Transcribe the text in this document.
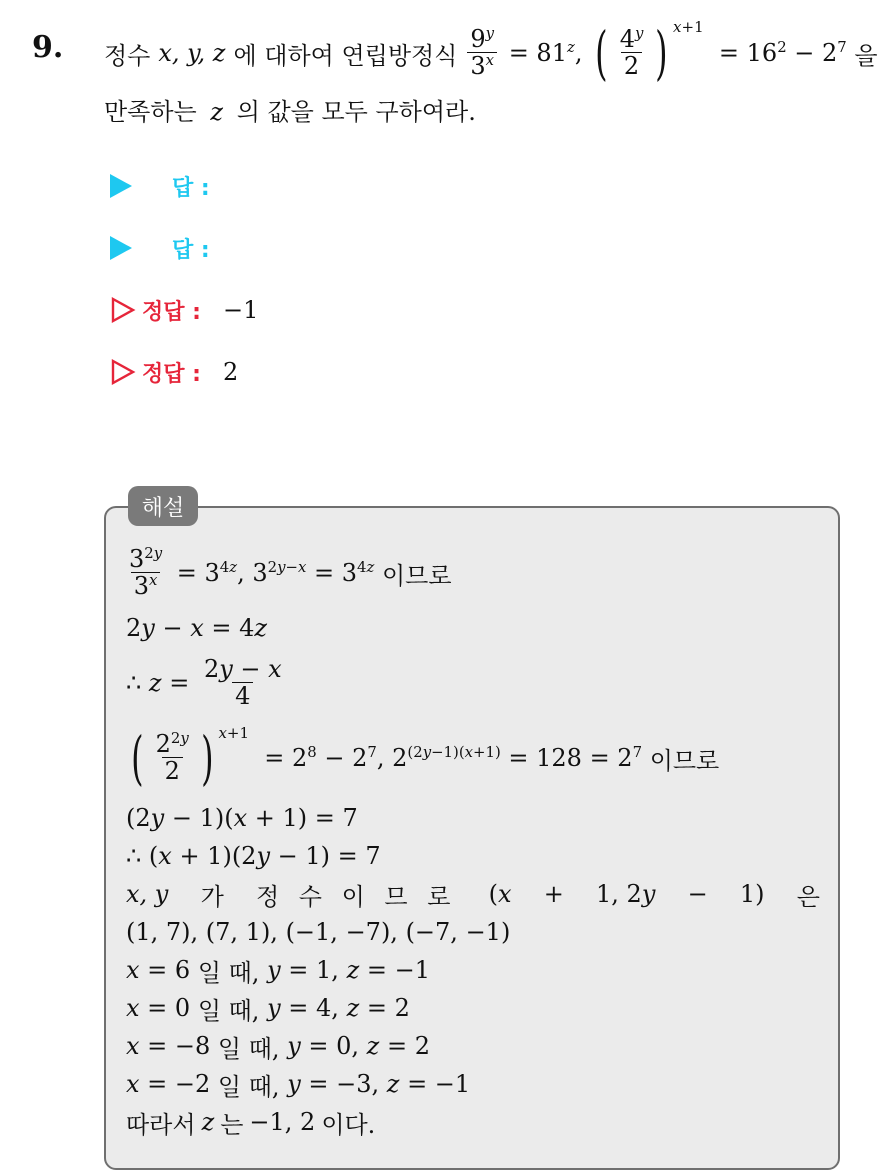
9. 정수 x, y, z 에 대하여 연립방정식 $\frac{9^y}{3^x} = 81^z$, ( $\frac{4^y}{2}$ ) x+1
= $16^2 - 2^7$ 을
만족하는 z 의 값을 모두 구하여라.
답 :
답 :
정답 : −1
정답 : 2
해설
$\frac{3^{2y}}{3^x} = 3^{4z}$, $3^{2y-x} = 3^{4z}$ 이므로
2y − x = 4z
∴ $z = \frac{2y - x}{4}$
( $\frac{2^{2y}}{2}$ ) x+1
= $2^8 - 2^7$, $2^{(2y-1)(x+1)} = 128 = 2^7$ 이므로
(2y − 1)(x + 1) = 7
∴ (x + 1)(2y − 1) = 7
x, y 가 정 수 이 므 로 (x + 1, 2y − 1) 은
(1, 7), (7, 1), (−1, −7), (−7, −1)
x = 6 일 때, y = 1, z = −1
x = 0 일 때, y = 4, z = 2
x = −8 일 때, y = 0, z = 2
x = −2 일 때, y = −3, z = −1
따라서 z 는 −1, 2 이다.
